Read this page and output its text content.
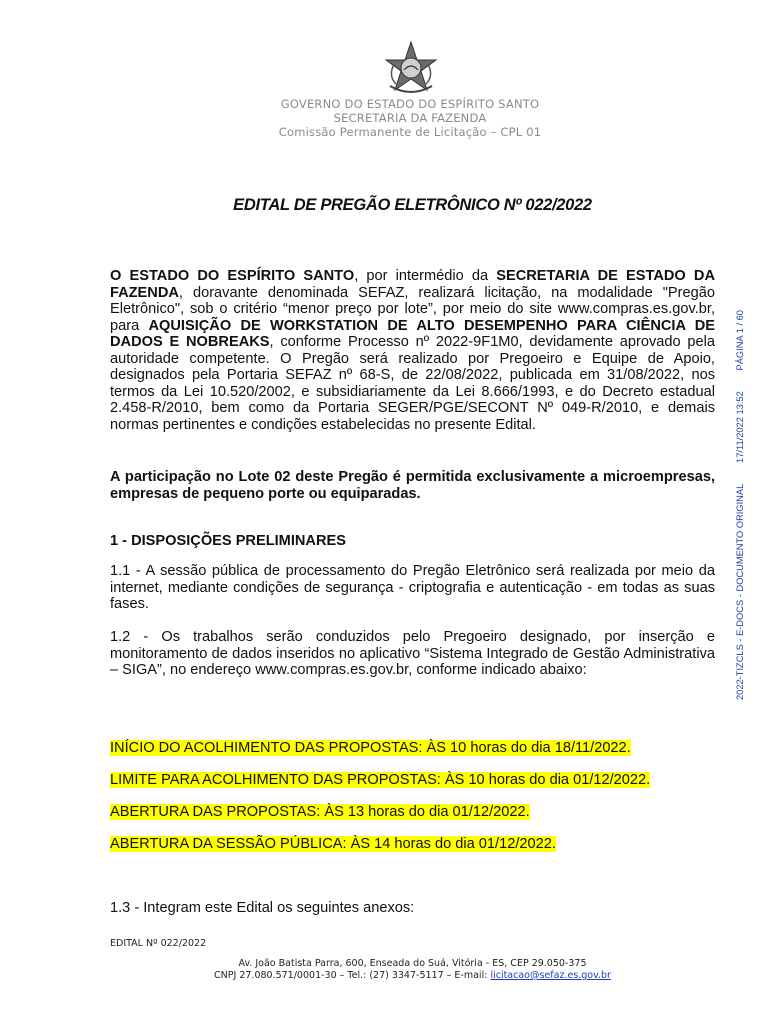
GOVERNO DO ESTADO DO ESPÍRITO SANTO
SECRETARIA DA FAZENDA
Comissão Permanente de Licitação – CPL 01
EDITAL DE PREGÃO ELETRÔNICO Nº 022/2022

O ESTADO DO ESPÍRITO SANTO, por intermédio da SECRETARIA DE ESTADO DA FAZENDA, doravante denominada SEFAZ, realizará licitação, na modalidade "Pregão Eletrônico", sob o critério “menor preço por lote”, por meio do site www.compras.es.gov.br, para AQUISIÇÃO DE WORKSTATION DE ALTO DESEMPENHO PARA CIÊNCIA DE DADOS E NOBREAKS, conforme Processo nº 2022-9F1M0, devidamente aprovado pela autoridade competente. O Pregão será realizado por Pregoeiro e Equipe de Apoio, designados pela Portaria SEFAZ nº 68-S, de 22/08/2022, publicada em 31/08/2022, nos termos da Lei 10.520/2002, e subsidiariamente da Lei 8.666/1993, e do Decreto estadual 2.458-R/2010, bem como da Portaria SEGER/PGE/SECONT Nº 049-R/2010, e demais normas pertinentes e condições estabelecidas no presente Edital.

A participação no Lote 02 deste Pregão é permitida exclusivamente a microempresas, empresas de pequeno porte ou equiparadas.

1 - DISPOSIÇÕES PRELIMINARES

1.1 - A sessão pública de processamento do Pregão Eletrônico será realizada por meio da internet, mediante condições de segurança - criptografia e autenticação - em todas as suas fases.

1.2 - Os trabalhos serão conduzidos pelo Pregoeiro designado, por inserção e monitoramento de dados inseridos no aplicativo “Sistema Integrado de Gestão Administrativa – SIGA”, no endereço www.compras.es.gov.br, conforme indicado abaixo:

INÍCIO DO ACOLHIMENTO DAS PROPOSTAS: ÀS 10 horas do dia 18/11/2022.
LIMITE PARA ACOLHIMENTO DAS PROPOSTAS: ÀS 10 horas do dia 01/12/2022.
ABERTURA DAS PROPOSTAS: ÀS 13 horas do dia 01/12/2022.
ABERTURA DA SESSÃO PÚBLICA: ÀS 14 horas do dia 01/12/2022.

1.3 - Integram este Edital os seguintes anexos:

EDITAL Nº 022/2022
Av. João Batista Parra, 600, Enseada do Suá, Vitória - ES, CEP 29.050-375
CNPJ 27.080.571/0001-30 – Tel.: (27) 3347-5117 – E-mail: licitacao@sefaz.es.gov.br
2022-TIZCLS - E-DOCS - DOCUMENTO ORIGINAL
17/11/2022 13:52
PÁGINA 1 / 60
